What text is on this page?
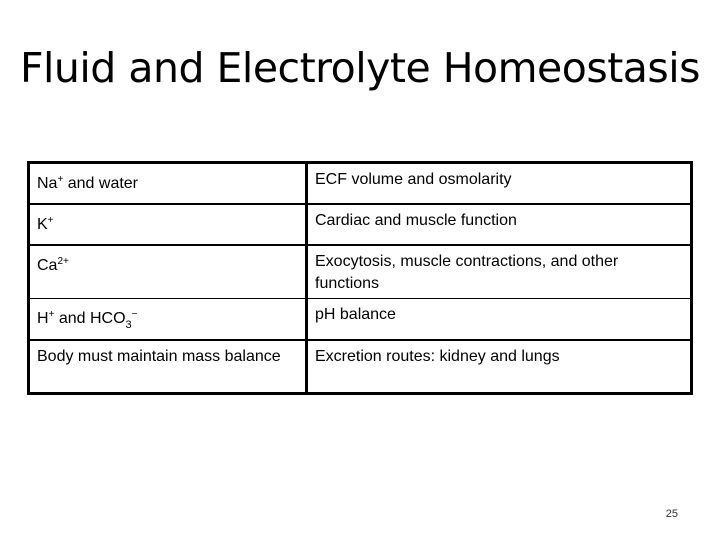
Fluid and Electrolyte Homeostasis
Na+ and water	ECF volume and osmolarity
K+	Cardiac and muscle function
$Ca^{2+}$	Exocytosis, muscle contractions, and other functions
H+ and $HCO_3^-$	pH balance
Body must maintain mass balance	Excretion routes: kidney and lungs
25
